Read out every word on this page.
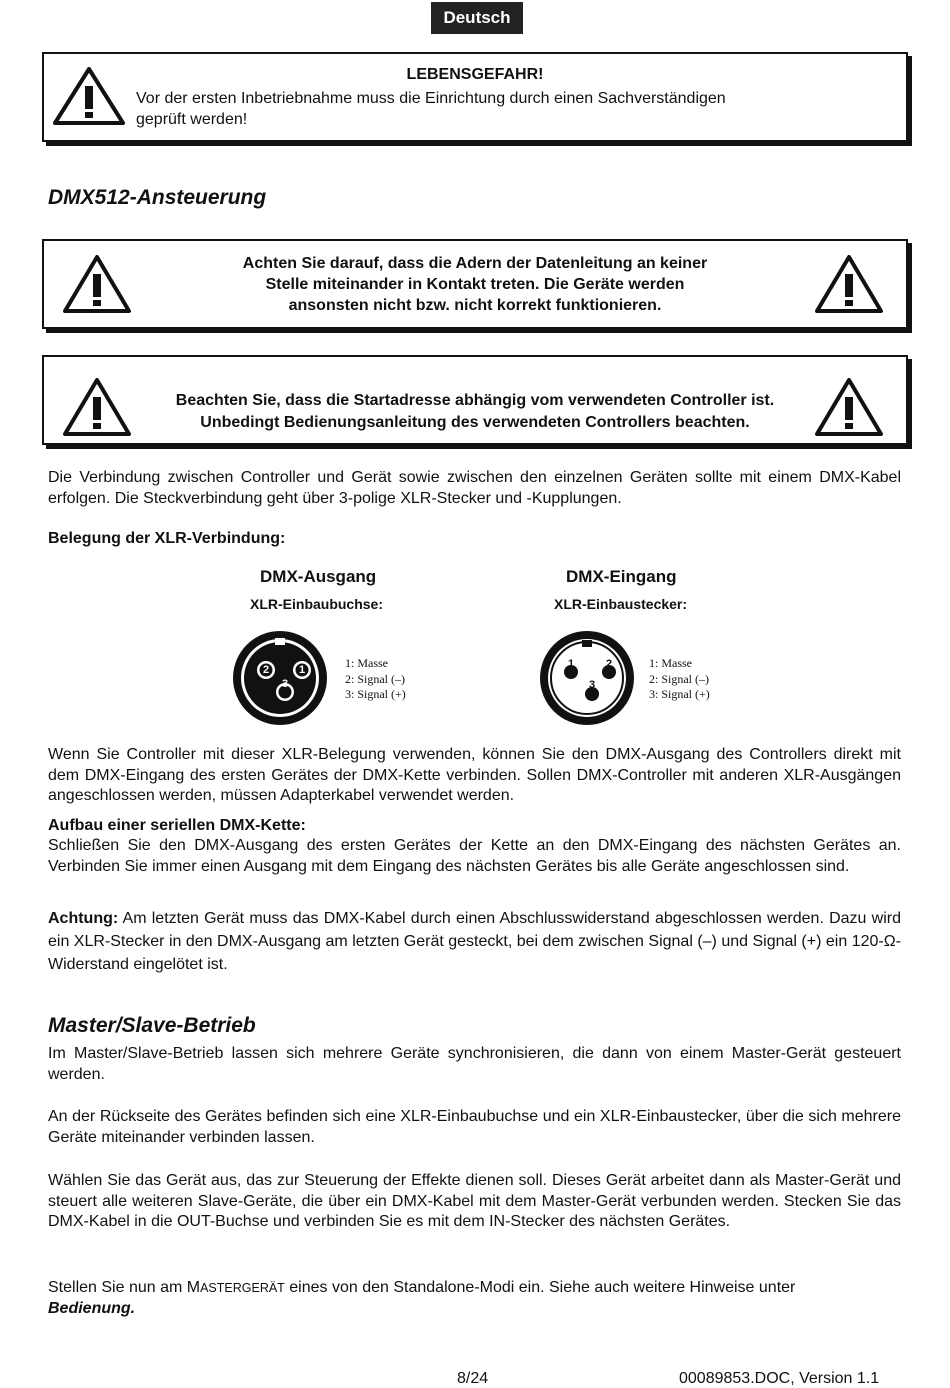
Deutsch
LEBENSGEFAHR!
Vor der ersten Inbetriebnahme muss die Einrichtung durch einen Sachverständigen
geprüft werden!
DMX512-Ansteuerung
Achten Sie darauf, dass die Adern der Datenleitung an keiner
Stelle miteinander in Kontakt treten. Die Geräte werden
ansonsten nicht bzw. nicht korrekt funktionieren.
Beachten Sie, dass die Startadresse abhängig vom verwendeten Controller ist.
Unbedingt Bedienungsanleitung des verwendeten Controllers beachten.
Die Verbindung zwischen Controller und Gerät sowie zwischen den einzelnen Geräten sollte mit einem DMX-Kabel erfolgen. Die Steckverbindung geht über 3-polige XLR-Stecker und -Kupplungen.
Belegung der XLR-Verbindung:
DMX-Ausgang
XLR-Einbaubuchse:
2	1
3
1: Masse
2: Signal (–)
3: Signal (+)
DMX-Eingang
XLR-Einbaustecker:
1	2
3
1: Masse
2: Signal (–)
3: Signal (+)
Wenn Sie Controller mit dieser XLR-Belegung verwenden, können Sie den DMX-Ausgang des Controllers direkt mit dem DMX-Eingang des ersten Gerätes der DMX-Kette verbinden. Sollen DMX-Controller mit anderen XLR-Ausgängen angeschlossen werden, müssen Adapterkabel verwendet werden.
Aufbau einer seriellen DMX-Kette:
Schließen Sie den DMX-Ausgang des ersten Gerätes der Kette an den DMX-Eingang des nächsten Gerätes an. Verbinden Sie immer einen Ausgang mit dem Eingang des nächsten Gerätes bis alle Geräte angeschlossen sind.
Achtung: Am letzten Gerät muss das DMX-Kabel durch einen Abschlusswiderstand abgeschlossen werden. Dazu wird ein XLR-Stecker in den DMX-Ausgang am letzten Gerät gesteckt, bei dem zwischen Signal (–) und Signal (+) ein 120-Ω-Widerstand eingelötet ist.
Master/Slave-Betrieb
Im Master/Slave-Betrieb lassen sich mehrere Geräte synchronisieren, die dann von einem Master-Gerät gesteuert werden.
An der Rückseite des Gerätes befinden sich eine XLR-Einbaubuchse und ein XLR-Einbaustecker, über die sich mehrere Geräte miteinander verbinden lassen.
Wählen Sie das Gerät aus, das zur Steuerung der Effekte dienen soll. Dieses Gerät arbeitet dann als Master-Gerät und steuert alle weiteren Slave-Geräte, die über ein DMX-Kabel mit dem Master-Gerät verbunden werden. Stecken Sie das DMX-Kabel in die OUT-Buchse und verbinden Sie es mit dem IN-Stecker des nächsten Gerätes.
Stellen Sie nun am MASTERGERÄT eines von den Standalone-Modi ein. Siehe auch weitere Hinweise unter
Bedienung.
8/24	00089853.DOC, Version 1.1
